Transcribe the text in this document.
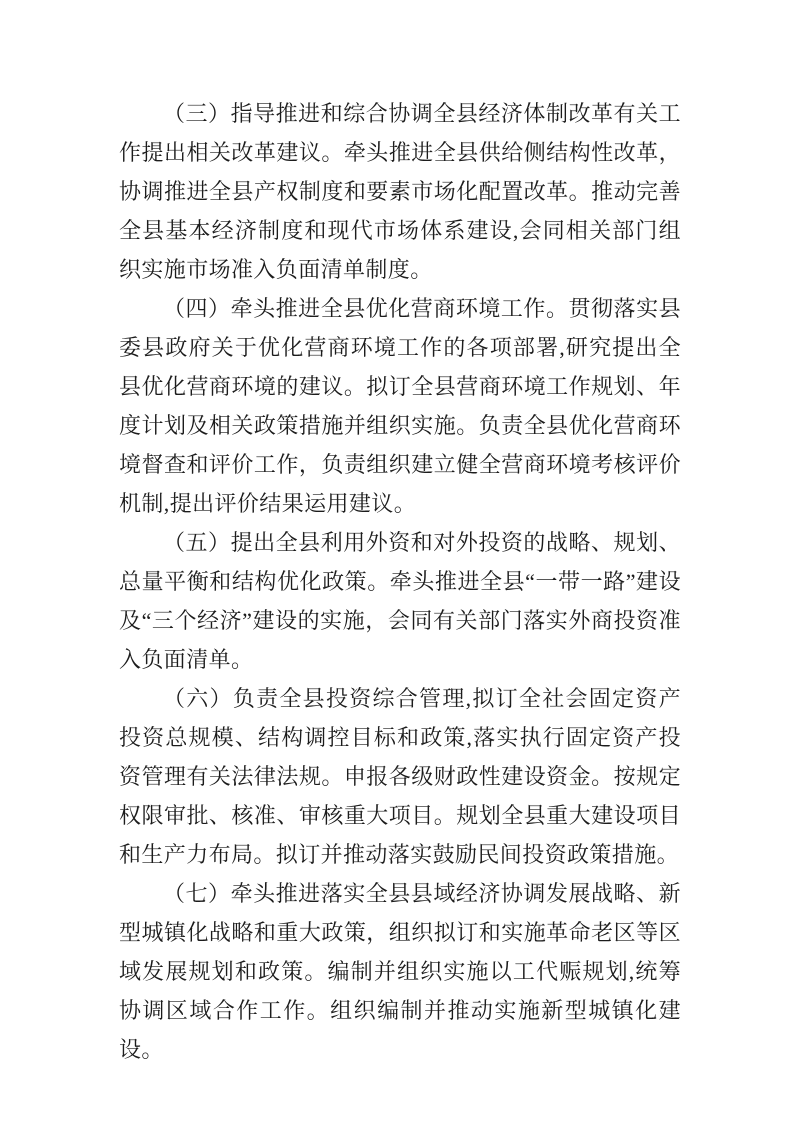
（三）指导推进和综合协调全县经济体制改革有关工作提出相关改革建议。牵头推进全县供给侧结构性改革，协调推进全县产权制度和要素市场化配置改革。推动完善全县基本经济制度和现代市场体系建设,会同相关部门组织实施市场准入负面清单制度。

（四）牵头推进全县优化营商环境工作。贯彻落实县委县政府关于优化营商环境工作的各项部署,研究提出全县优化营商环境的建议。拟订全县营商环境工作规划、年度计划及相关政策措施并组织实施。负责全县优化营商环境督查和评价工作，负责组织建立健全营商环境考核评价机制,提出评价结果运用建议。

（五）提出全县利用外资和对外投资的战略、规划、总量平衡和结构优化政策。牵头推进全县“一带一路”建设及“三个经济”建设的实施，会同有关部门落实外商投资准入负面清单。

（六）负责全县投资综合管理,拟订全社会固定资产投资总规模、结构调控目标和政策,落实执行固定资产投资管理有关法律法规。申报各级财政性建设资金。按规定权限审批、核准、审核重大项目。规划全县重大建设项目和生产力布局。拟订并推动落实鼓励民间投资政策措施。

（七）牵头推进落实全县县域经济协调发展战略、新型城镇化战略和重大政策，组织拟订和实施革命老区等区域发展规划和政策。编制并组织实施以工代赈规划,统筹协调区域合作工作。组织编制并推动实施新型城镇化建设。
